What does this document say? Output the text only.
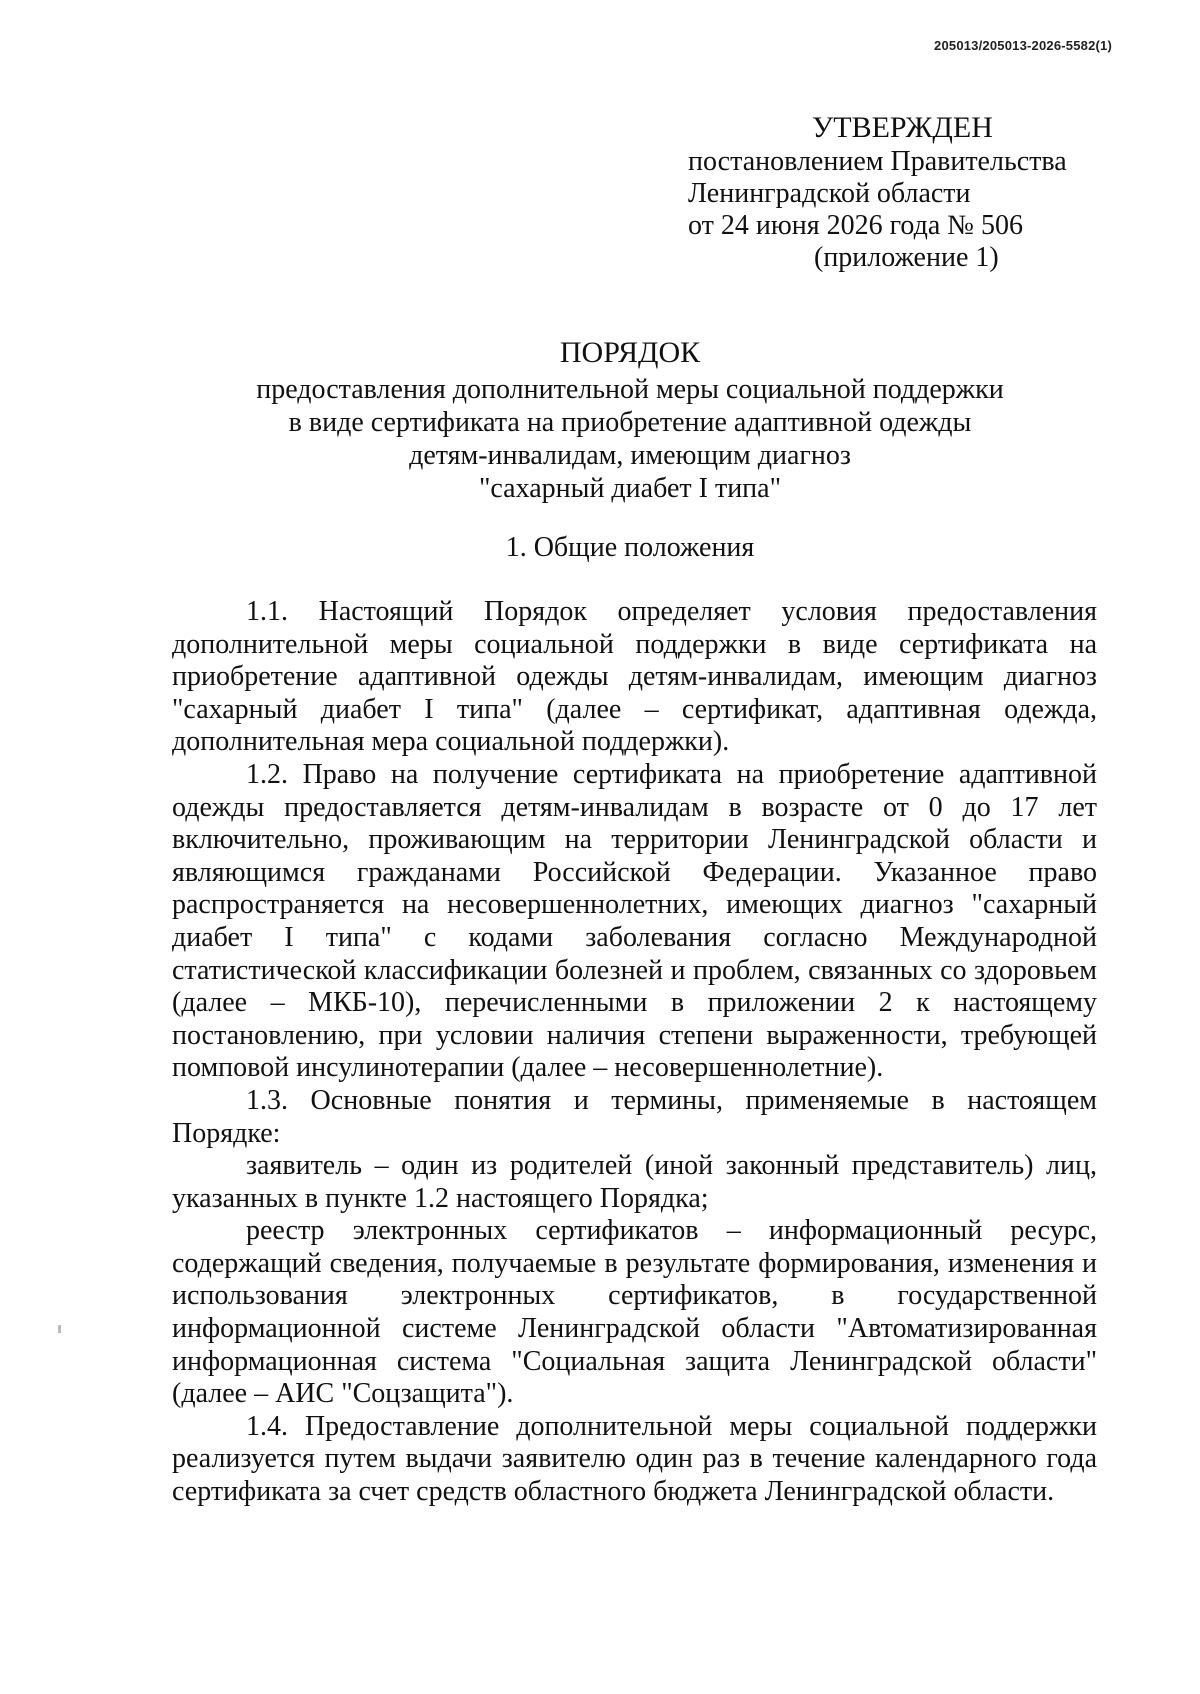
205013/205013-2026-5582(1)
УТВЕРЖДЕН
постановлением Правительства
Ленинградской области
от 24 июня 2026 года № 506
(приложение 1)
ПОРЯДОК
предоставления дополнительной меры социальной поддержки
в виде сертификата на приобретение адаптивной одежды
детям-инвалидам, имеющим диагноз
"сахарный диабет I типа"
1. Общие положения

1.1. Настоящий Порядок определяет условия предоставления дополнительной меры социальной поддержки в виде сертификата на приобретение адаптивной одежды детям-инвалидам, имеющим диагноз "сахарный диабет I типа" (далее – сертификат, адаптивная одежда, дополнительная мера социальной поддержки).

1.2. Право на получение сертификата на приобретение адаптивной одежды предоставляется детям-инвалидам в возрасте от 0 до 17 лет включительно, проживающим на территории Ленинградской области и являющимся гражданами Российской Федерации. Указанное право распространяется на несовершеннолетних, имеющих диагноз "сахарный диабет I типа" с кодами заболевания согласно Международной статистической классификации болезней и проблем, связанных со здоровьем (далее – МКБ-10), перечисленными в приложении 2 к настоящему постановлению, при условии наличия степени выраженности, требующей помповой инсулинотерапии (далее – несовершеннолетние).

1.3. Основные понятия и термины, применяемые в настоящем Порядке:

заявитель – один из родителей (иной законный представитель) лиц, указанных в пункте 1.2 настоящего Порядка;

реестр электронных сертификатов – информационный ресурс, содержащий сведения, получаемые в результате формирования, изменения и использования электронных сертификатов, в государственной информационной системе Ленинградской области "Автоматизированная информационная система "Социальная защита Ленинградской области" (далее – АИС "Соцзащита").

1.4. Предоставление дополнительной меры социальной поддержки реализуется путем выдачи заявителю один раз в течение календарного года сертификата за счет средств областного бюджета Ленинградской области.
